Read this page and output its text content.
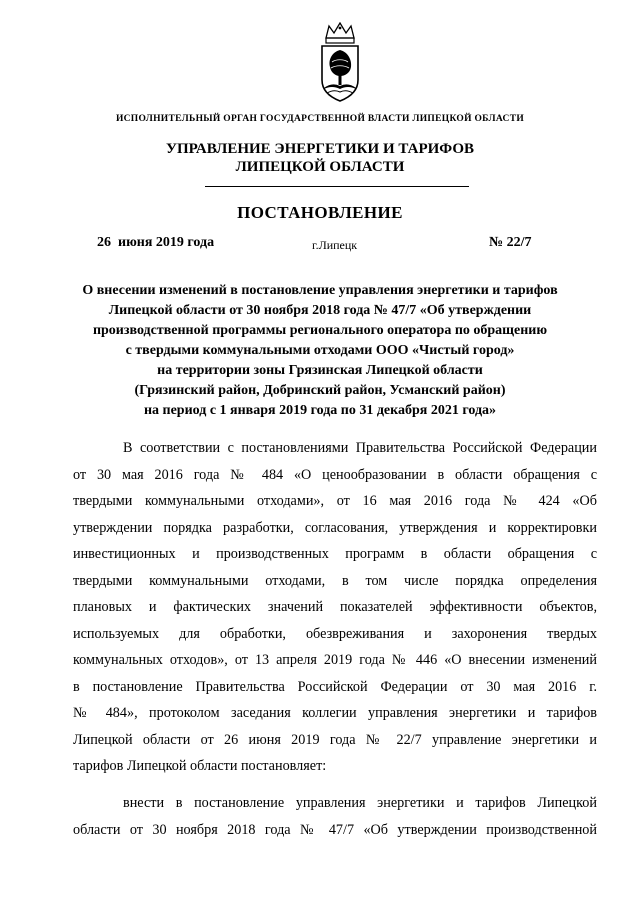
ИСПОЛНИТЕЛЬНЫЙ ОРГАН ГОСУДАРСТВЕННОЙ ВЛАСТИ ЛИПЕЦКОЙ ОБЛАСТИ
УПРАВЛЕНИЕ ЭНЕРГЕТИКИ И ТАРИФОВ
ЛИПЕЦКОЙ ОБЛАСТИ
ПОСТАНОВЛЕНИЕ
26  июня 2019 года	г.Липецк	№ 22/7
О внесении изменений в постановление управления энергетики и тарифов
Липецкой области от 30 ноября 2018 года № 47/7 «Об утверждении
производственной программы регионального оператора по обращению
с твердыми коммунальными отходами ООО «Чистый город»
на территории зоны Грязинская Липецкой области
(Грязинский район, Добринский район, Усманский район)
на период с 1 января 2019 года по 31 декабря 2021 года»
В соответствии с постановлениями Правительства Российской Федерации
от 30 мая 2016 года № 484 «О ценообразовании в области обращения с
твердыми коммунальными отходами», от 16 мая 2016 года № 424 «Об
утверждении порядка разработки, согласования, утверждения и корректировки
инвестиционных и производственных программ в области обращения с
твердыми коммунальными отходами, в том числе порядка определения
плановых и фактических значений показателей эффективности объектов,
используемых для обработки, обезвреживания и захоронения твердых
коммунальных отходов», от 13 апреля 2019 года № 446 «О внесении изменений
в постановление Правительства Российской Федерации от 30 мая 2016 г.
№ 484», протоколом заседания коллегии управления энергетики и тарифов
Липецкой области от 26 июня 2019 года № 22/7 управление энергетики и
тарифов Липецкой области постановляет:
внести в постановление управления энергетики и тарифов Липецкой
области от 30 ноября 2018 года № 47/7 «Об утверждении производственной
